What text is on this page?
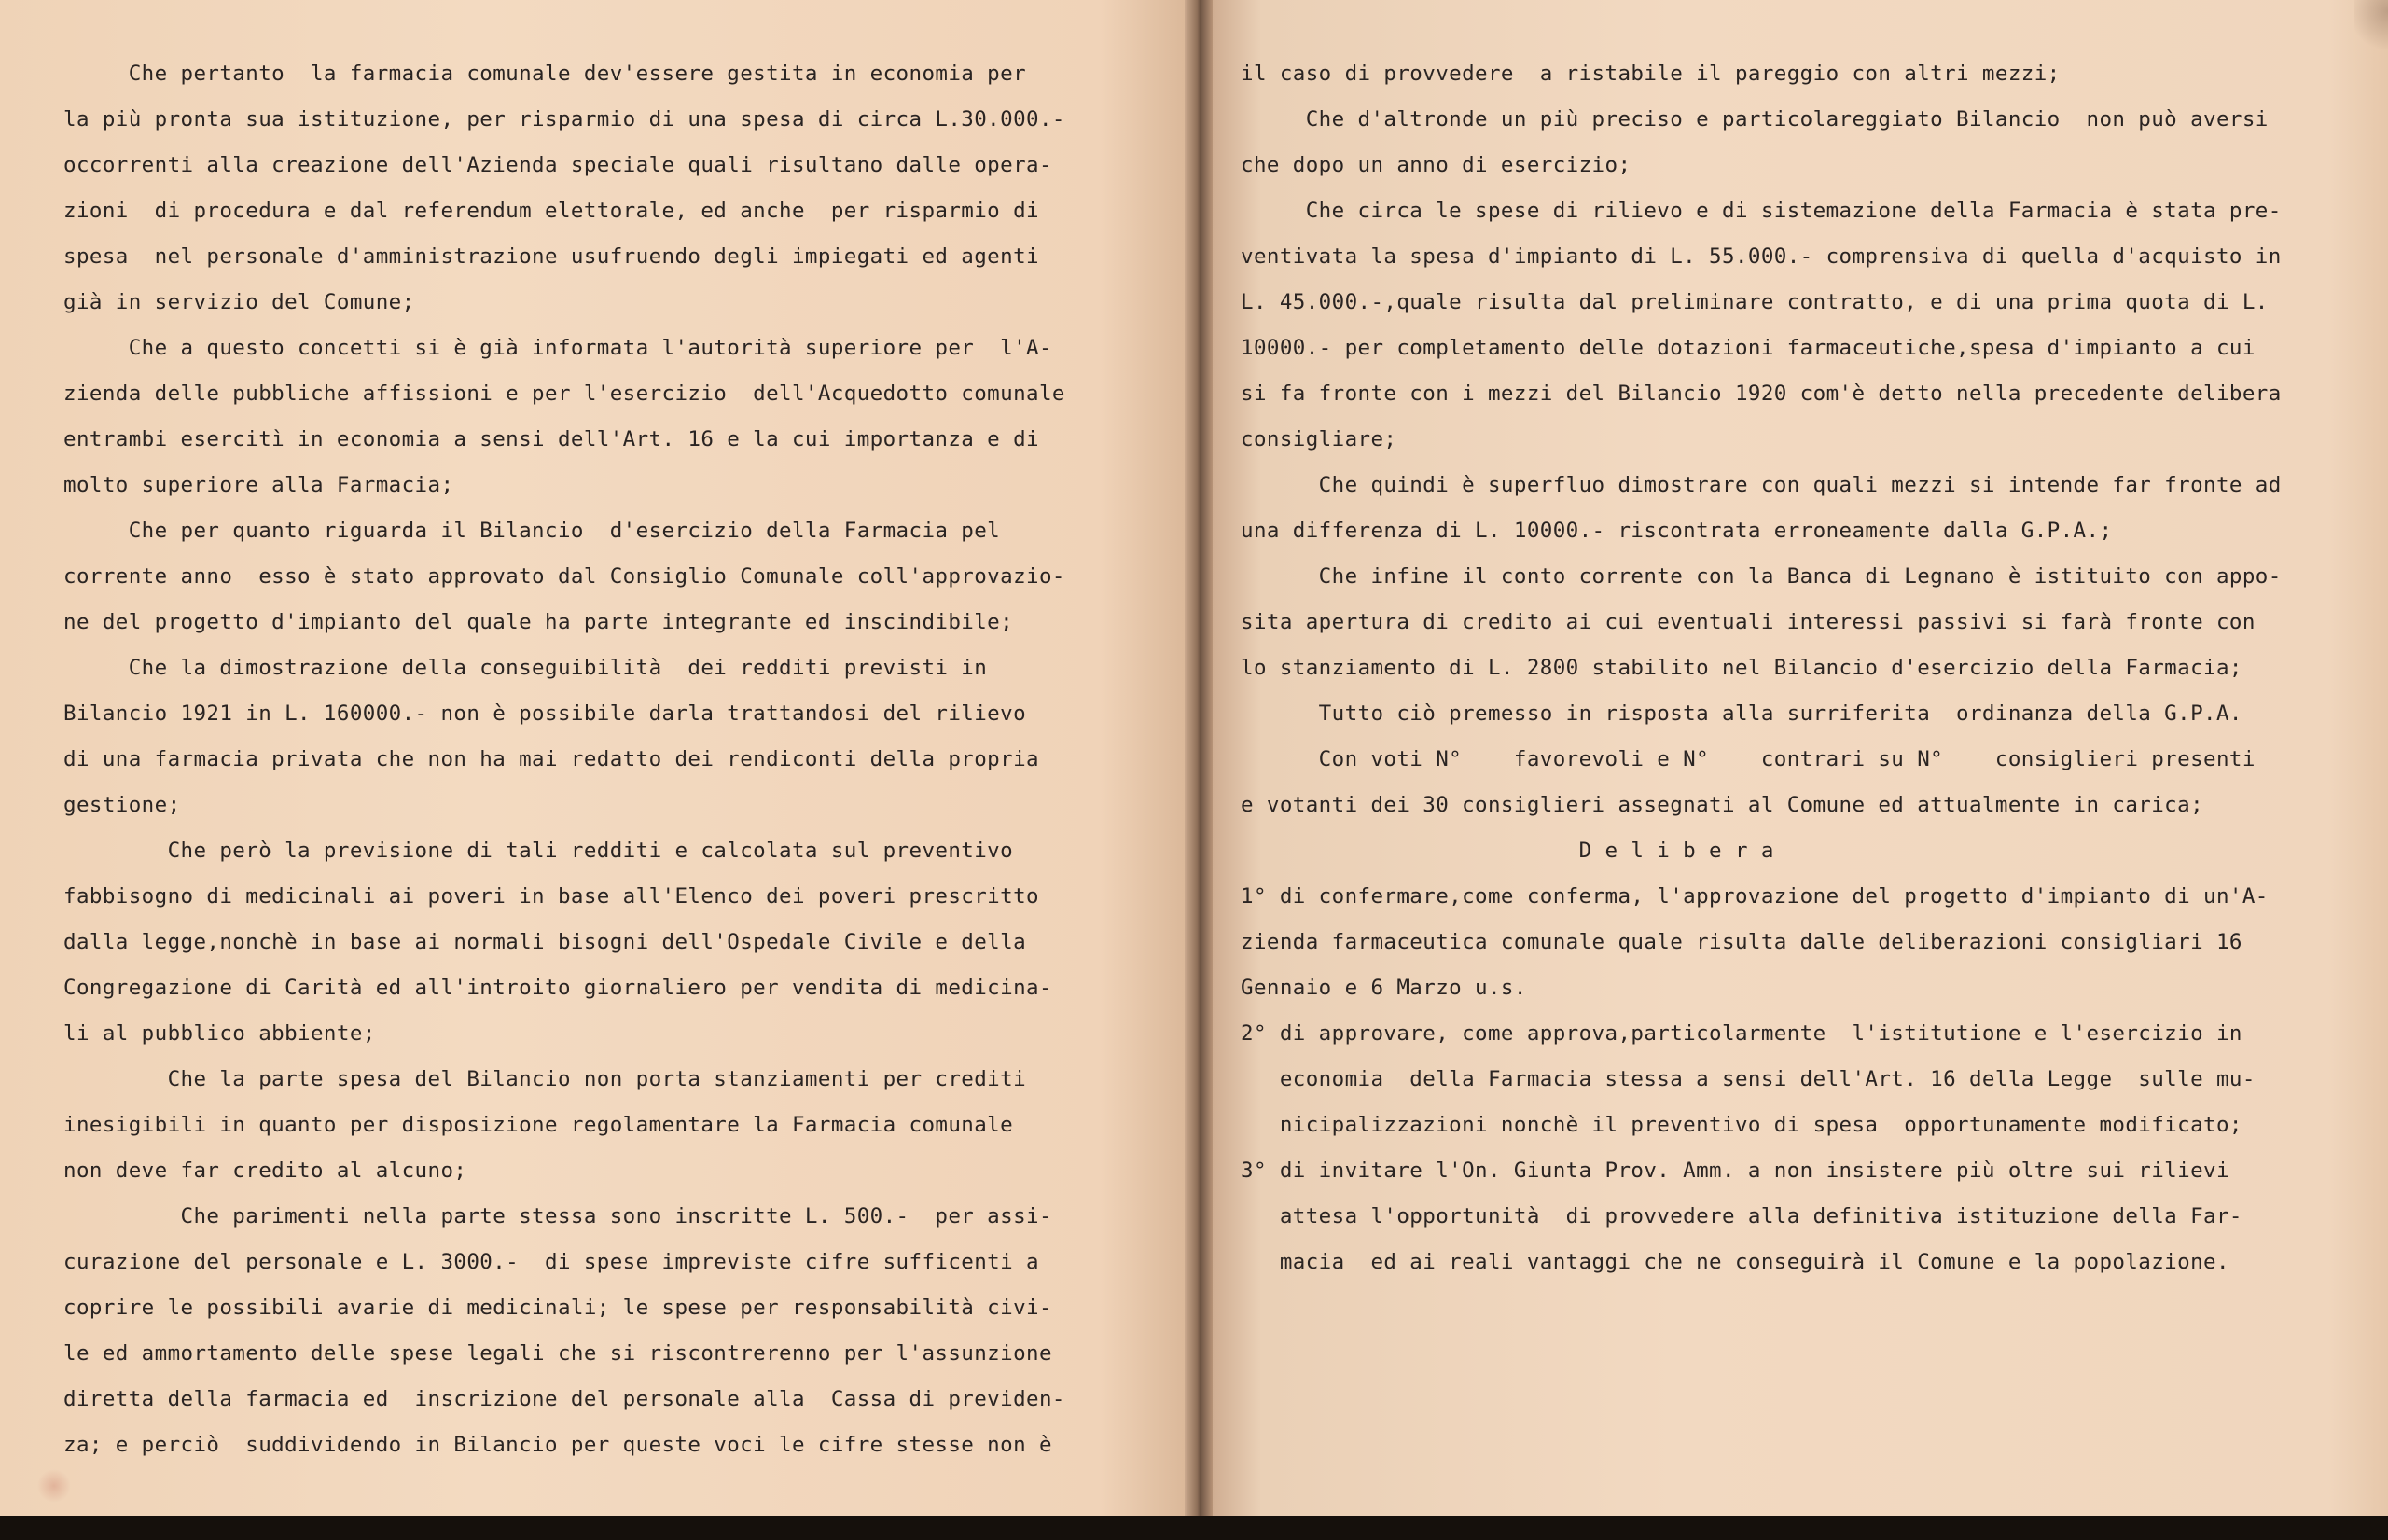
Che pertanto  la farmacia comunale dev'essere gestita in economia per

la più pronta sua istituzione, per risparmio di una spesa di circa L.30.000.-

occorrenti alla creazione dell'Azienda speciale quali risultano dalle opera-

zioni  di procedura e dal referendum elettorale, ed anche  per risparmio di

spesa  nel personale d'amministrazione usufruendo degli impiegati ed agenti

già in servizio del Comune;

Che a questo concetti si è già informata l'autorità superiore per  l'A-

zienda delle pubbliche affissioni e per l'esercizio  dell'Acquedotto comunale

entrambi esercitì in economia a sensi dell'Art. 16 e la cui importanza e di

molto superiore alla Farmacia;

Che per quanto riguarda il Bilancio  d'esercizio della Farmacia pel

corrente anno  esso è stato approvato dal Consiglio Comunale coll'approvazio-

ne del progetto d'impianto del quale ha parte integrante ed inscindibile;

Che la dimostrazione della conseguibilità  dei redditi previsti in

Bilancio 1921 in L. 160000.- non è possibile darla trattandosi del rilievo

di una farmacia privata che non ha mai redatto dei rendiconti della propria

gestione;

Che però la previsione di tali redditi e calcolata sul preventivo

fabbisogno di medicinali ai poveri in base all'Elenco dei poveri prescritto

dalla legge,nonchè in base ai normali bisogni dell'Ospedale Civile e della

Congregazione di Carità ed all'introito giornaliero per vendita di medicina-

li al pubblico abbiente;

Che la parte spesa del Bilancio non porta stanziamenti per crediti

inesigibili in quanto per disposizione regolamentare la Farmacia comunale

non deve far credito al alcuno;

Che parimenti nella parte stessa sono inscritte L. 500.-  per assi-

curazione del personale e L. 3000.-  di spese impreviste cifre sufficenti a

coprire le possibili avarie di medicinali; le spese per responsabilità civi-

le ed ammortamento delle spese legali che si riscontrerenno per l'assunzione

diretta della farmacia ed  inscrizione del personale alla  Cassa di previden-

za; e perciò  suddividendo in Bilancio per queste voci le cifre stesse non è

il caso di provvedere  a ristabile il pareggio con altri mezzi;

Che d'altronde un più preciso e particolareggiato Bilancio  non può aversi

che dopo un anno di esercizio;

Che circa le spese di rilievo e di sistemazione della Farmacia è stata pre-

ventivata la spesa d'impianto di L. 55.000.- comprensiva di quella d'acquisto in

L. 45.000.-,quale risulta dal preliminare contratto, e di una prima quota di L.

10000.- per completamento delle dotazioni farmaceutiche,spesa d'impianto a cui

si fa fronte con i mezzi del Bilancio 1920 com'è detto nella precedente delibera

consigliare;

Che quindi è superfluo dimostrare con quali mezzi si intende far fronte ad

una differenza di L. 10000.- riscontrata erroneamente dalla G.P.A.;

Che infine il conto corrente con la Banca di Legnano è istituito con appo-

sita apertura di credito ai cui eventuali interessi passivi si farà fronte con

lo stanziamento di L. 2800 stabilito nel Bilancio d'esercizio della Farmacia;

Tutto ciò premesso in risposta alla surriferita  ordinanza della G.P.A.

Con voti N°    favorevoli e N°    contrari su N°    consiglieri presenti

e votanti dei 30 consiglieri assegnati al Comune ed attualmente in carica;

D e l i b e r a

1° di confermare,come conferma, l'approvazione del progetto d'impianto di un'A-

zienda farmaceutica comunale quale risulta dalle deliberazioni consigliari 16

Gennaio e 6 Marzo u.s.

2° di approvare, come approva,particolarmente  l'istitutione e l'esercizio in

economia  della Farmacia stessa a sensi dell'Art. 16 della Legge  sulle mu-

nicipalizzazioni nonchè il preventivo di spesa  opportunamente modificato;

3° di invitare l'On. Giunta Prov. Amm. a non insistere più oltre sui rilievi

attesa l'opportunità  di provvedere alla definitiva istituzione della Far-

macia  ed ai reali vantaggi che ne conseguirà il Comune e la popolazione.
